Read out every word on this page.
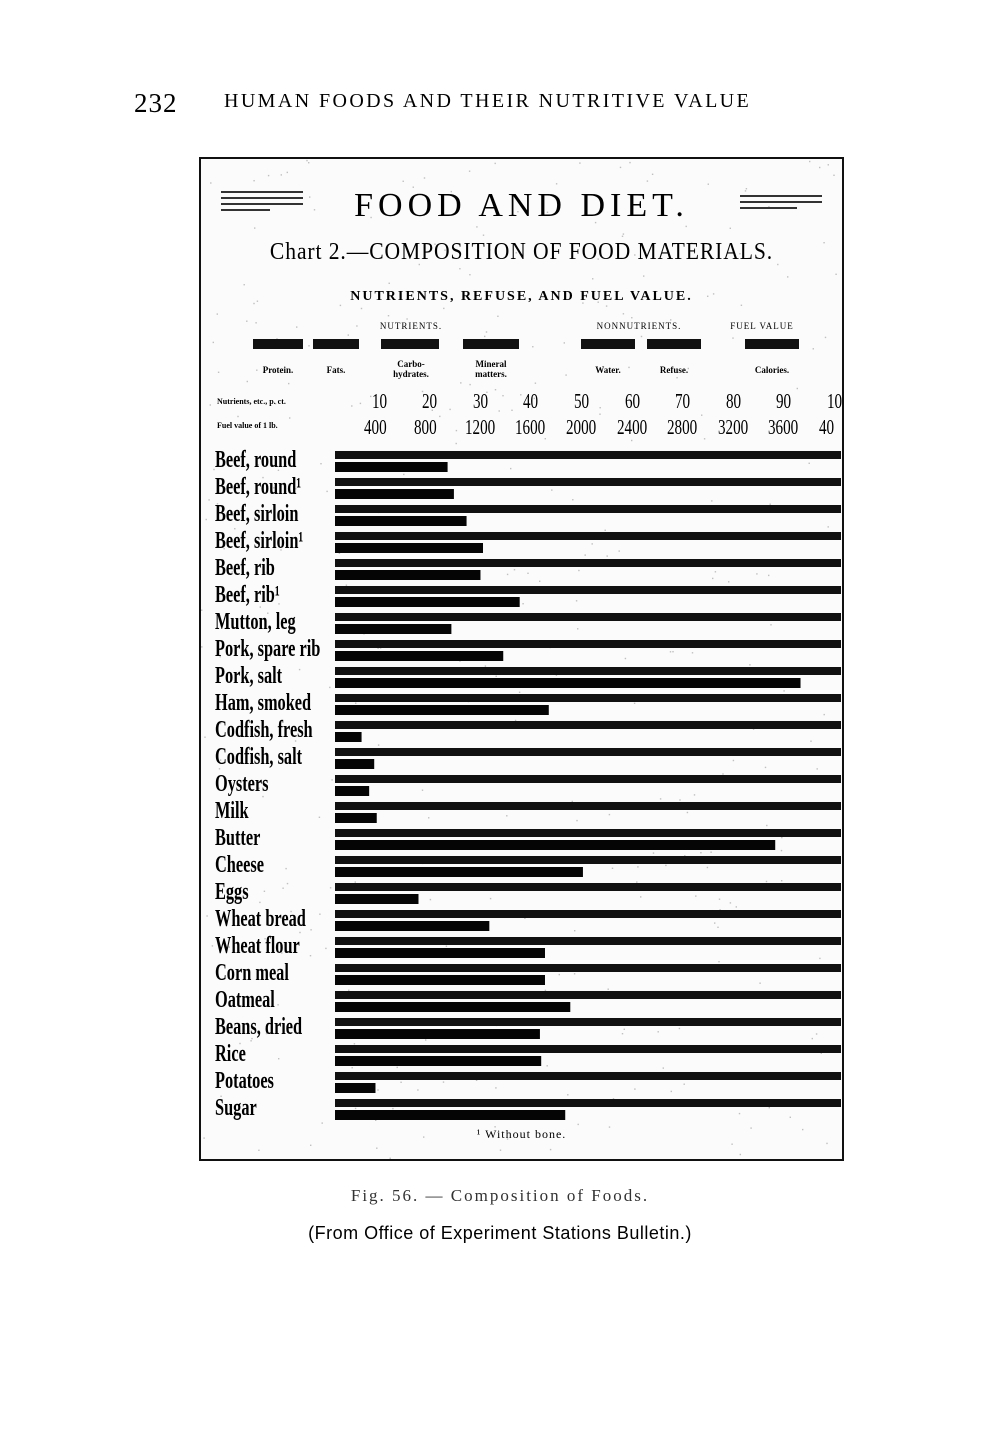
232 HUMAN FOODS AND THEIR NUTRITIVE VALUE
FOOD AND DIET.
Chart 2.—COMPOSITION OF FOOD MATERIALS.
NUTRIENTS, REFUSE, AND FUEL VALUE.
NUTRIENTS.	NONNUTRIENTS.	FUEL VALUE
Protein.	Fats.
Carbo-hydrates.
Mineral matters.	Water.	Refuse.	Calories.
Nutrients, etc., p. ct.
Fuel value of 1 lb.
10 20 30 40 50 60 70 80 90 10
400 800 1200 1600 2000 2400 2800 3200 3600 40
Beef, round
Beef, round¹
Beef, sirloin
Beef, sirloin¹
Beef, rib
Beef, rib¹
Mutton, leg
Pork, spare rib
Pork, salt
Ham, smoked
Codfish, fresh
Codfish, salt
Oysters
Milk
Butter
Cheese
Eggs
Wheat bread
Wheat flour
Corn meal
Oatmeal
Beans, dried
Rice
Potatoes
Sugar
¹ Without bone.
Fig. 56. — Composition of Foods.
(From Office of Experiment Stations Bulletin.)
